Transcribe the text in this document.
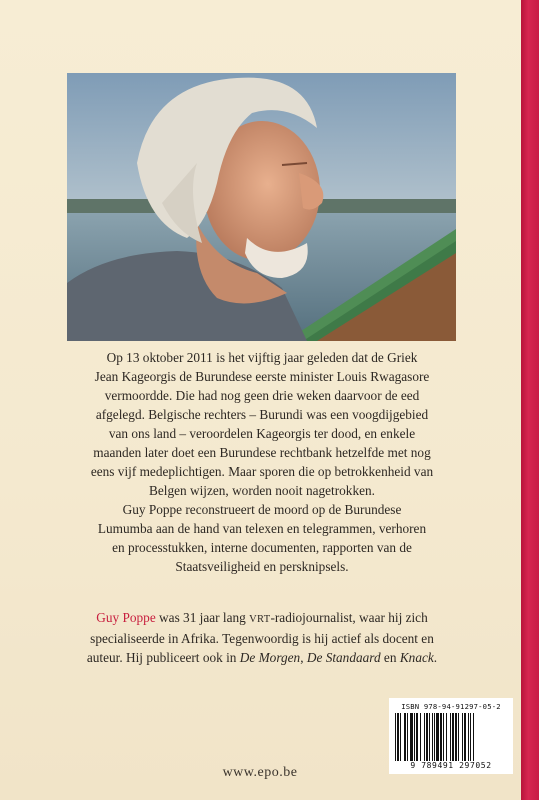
Op 13 oktober 2011 is het vijftig jaar geleden dat de Griek

Jean Kageorgis de Burundese eerste minister Louis Rwagasore

vermoordde. Die had nog geen drie weken daarvoor de eed

afgelegd. Belgische rechters – Burundi was een voogdijgebied

van ons land – veroordelen Kageorgis ter dood, en enkele

maanden later doet een Burundese rechtbank hetzelfde met nog

eens vijf medeplichtigen. Maar sporen die op betrokkenheid van

Belgen wijzen, worden nooit nagetrokken.

Guy Poppe reconstrueert de moord op de Burundese

Lumumba aan de hand van telexen en telegrammen, verhoren

en processtukken, interne documenten, rapporten van de

Staatsveiligheid en persknipsels.

Guy Poppe was 31 jaar lang VRT-radiojournalist, waar hij zich
specialiseerde in Afrika. Tegenwoordig is hij actief als docent en
auteur. Hij publiceert ook in De Morgen, De Standaard en Knack.
ISBN 978-94-91297-05-2
9 789491 297052
www.epo.be
